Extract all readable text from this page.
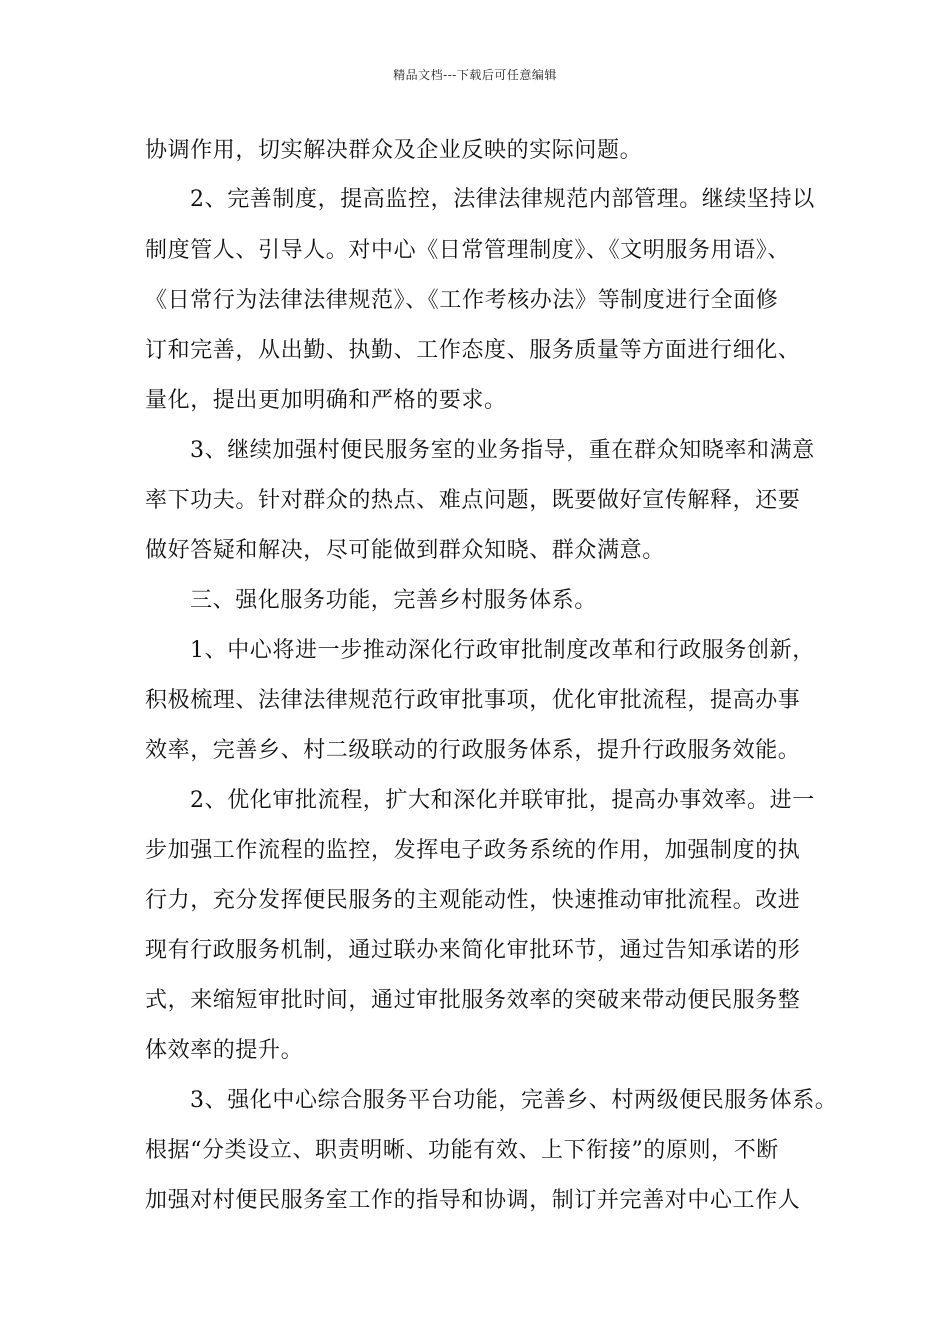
精品文档---下载后可任意编辑
协调作用，切实解决群众及企业反映的实际问题。
2、完善制度，提高监控，法律法律规范内部管理。继续坚持以
制度管人、引导人。对中心《日常管理制度》、《文明服务用语》、
《日常行为法律法律规范》、《工作考核办法》等制度进行全面修
订和完善，从出勤、执勤、工作态度、服务质量等方面进行细化、
量化，提出更加明确和严格的要求。
3、继续加强村便民服务室的业务指导，重在群众知晓率和满意
率下功夫。针对群众的热点、难点问题，既要做好宣传解释，还要
做好答疑和解决，尽可能做到群众知晓、群众满意。
三、强化服务功能，完善乡村服务体系。
1、中心将进一步推动深化行政审批制度改革和行政服务创新，
积极梳理、法律法律规范行政审批事项，优化审批流程，提高办事
效率，完善乡、村二级联动的行政服务体系，提升行政服务效能。
2、优化审批流程，扩大和深化并联审批，提高办事效率。进一
步加强工作流程的监控，发挥电子政务系统的作用，加强制度的执
行力，充分发挥便民服务的主观能动性，快速推动审批流程。改进
现有行政服务机制，通过联办来简化审批环节，通过告知承诺的形
式，来缩短审批时间，通过审批服务效率的突破来带动便民服务整
体效率的提升。
3、强化中心综合服务平台功能，完善乡、村两级便民服务体系。
根据“分类设立、职责明晰、功能有效、上下衔接”的原则，不断
加强对村便民服务室工作的指导和协调，制订并完善对中心工作人
